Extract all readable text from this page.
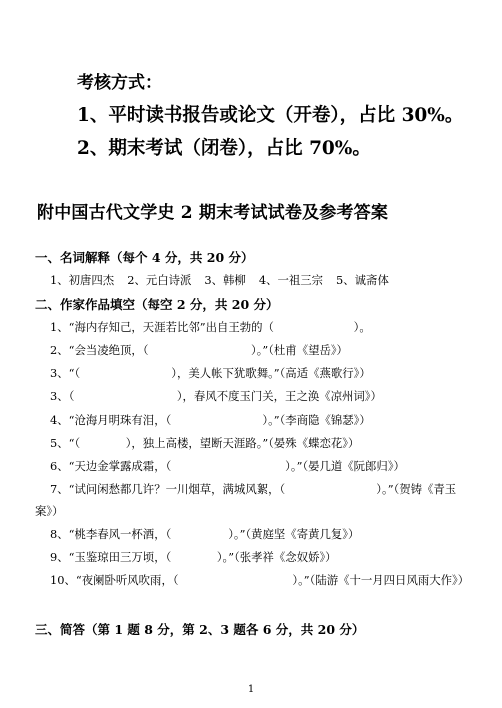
考核方式：
1、平时读书报告或论文（开卷），占比 30%。
2、期末考试（闭卷），占比 70%。
附中国古代文学史 2 期末考试试卷及参考答案
一、名词解释（每个 4 分，共 20 分）
1、初唐四杰 2、元白诗派 3、韩柳 4、一祖三宗 5、诚斋体
二、作家作品填空（每空 2 分，共 20 分）
1、“海内存知己，天涯若比邻”出自王勃的（　　　　　　　）。
2、“会当凌绝顶，（　　　　　　　　　）。”（杜甫《望岳》）
3、“（　　　　　　　　），美人帐下犹歌舞。”（高适《燕歌行》）
3、（　　　　　　　　　），春风不度玉门关，王之涣《凉州词》）
4、“沧海月明珠有泪，（　　　　　　　　）。”（李商隐《锦瑟》）
5、“（　　　　），独上高楼，望断天涯路。”（晏殊《蝶恋花》）
6、“天边金掌露成霜，（　　　　　　　　　　）。”（晏几道《阮郎归》）
7、“试问闲愁都几许？一川烟草，满城风絮，（　　　　　　　　）。”（贺铸《青玉
案》）
8、“桃李春风一杯酒，（　　　　　）。”（黄庭坚《寄黄几复》）
9、“玉鉴琼田三万顷，（　　　　）。”（张孝祥《念奴娇》）
10、“夜阑卧听风吹雨，（　　　　　　　　　　）。”（陆游《十一月四日风雨大作》）
三、简答（第 1 题 8 分，第 2、3 题各 6 分，共 20 分）
1
